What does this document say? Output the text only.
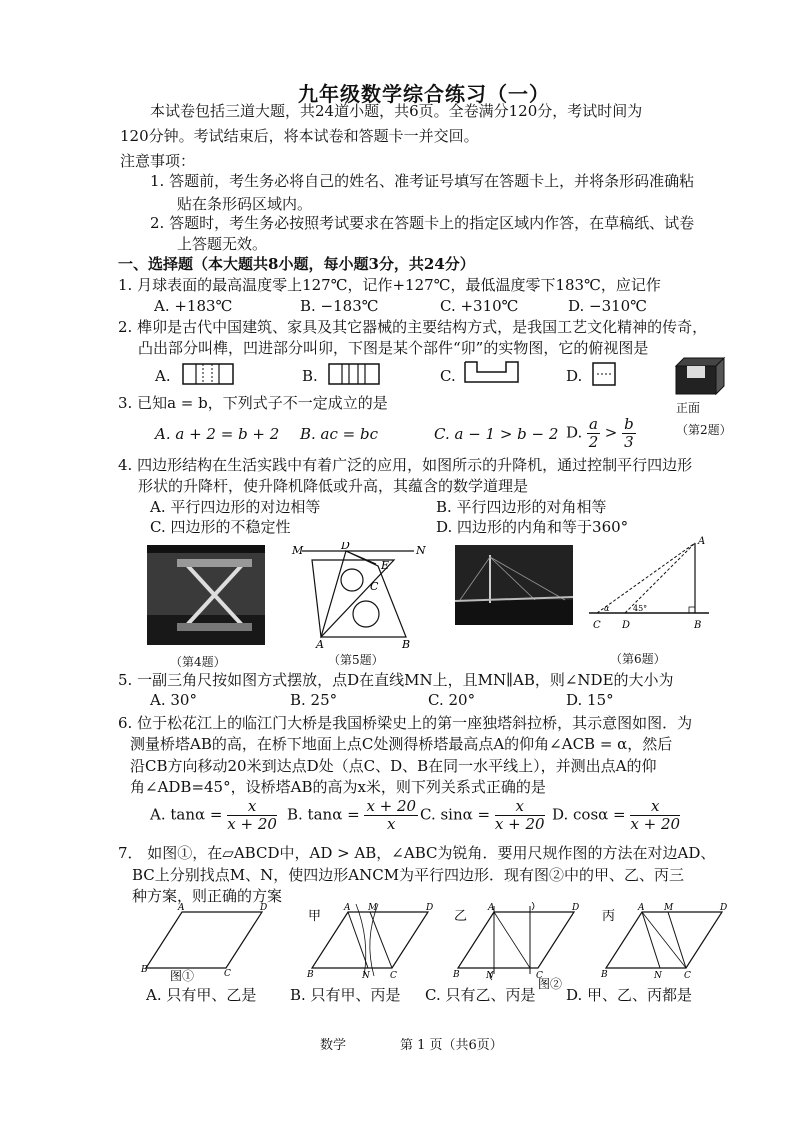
九年级数学综合练习（一）
本试卷包括三道大题，共24道小题，共6页。全卷满分120分，考试时间为
120分钟。考试结束后，将本试卷和答题卡一并交回。
注意事项：
1. 答题前，考生务必将自己的姓名、准考证号填写在答题卡上，并将条形码准确粘
贴在条形码区域内。
2. 答题时，考生务必按照考试要求在答题卡上的指定区域内作答，在草稿纸、试卷
上答题无效。
一、选择题（本大题共8小题，每小题3分，共24分）
1. 月球表面的最高温度零上127℃，记作+127℃，最低温度零下183℃，应记作
A. +183℃	B. −183℃	C. +310℃	D. −310℃
2. 榫卯是古代中国建筑、家具及其它器械的主要结构方式，是我国工艺文化精神的传奇，
凸出部分叫榫，凹进部分叫卯，下图是某个部件“卯”的实物图，它的俯视图是
A.	B.	C.	D.
正面
（第2题）
3. 已知a = b，下列式子不一定成立的是
A. a + 2 = b + 2 B. ac = bc	C. a − 1 > b − 2 D. $\frac{a}{2} > \frac{b}{3}$
4. 四边形结构在生活实践中有着广泛的应用，如图所示的升降机，通过控制平行四边形
形状的升降杆，使升降机降低或升高，其蕴含的数学道理是
A. 平行四边形的对边相等	B. 平行四边形的对角相等
C. 四边形的不稳定性	D. 四边形的内角和等于360°
（第4题）
M	D	N
E
C
A	B
（第5题）
A
C D	B
α	45°
（第6题）
5. 一副三角尺按如图方式摆放，点D在直线MN上，且MN∥AB，则∠NDE的大小为
A. 30°	B. 25°	C. 20°	D. 15°
6. 位于松花江上的临江门大桥是我国桥梁史上的第一座独塔斜拉桥，其示意图如图．为
测量桥塔AB的高，在桥下地面上点C处测得桥塔最高点A的仰角∠ACB = α，然后
沿CB方向移动20米到达点D处（点C、D、B在同一水平线上），并测出点A的仰
角∠ADB=45°，设桥塔AB的高为x米，则下列关系式正确的是
A. $\tan\alpha = \frac{x}{x + 20} B$. $\tan\alpha = \frac{x + 20}{x} C$. $\sin\alpha = \frac{x}{x + 20} D$. $\cos\alpha = \frac{x}{x + 20}$
7． 如图①，在▱ABCD中，AD > AB，∠ABC为锐角．要用尺规作图的方法在对边AD、
BC上分别找点M、N，使四边形ANCM为平行四边形．现有图②中的甲、乙、丙三
种方案，则正确的方案
A	D
B	C
图①
甲
A M	D
B	N C
乙
A	D
B	N	C
图②
丙
A M	D
B	N C
A. 只有甲、乙是 B. 只有甲、丙是 C. 只有乙、丙是 D. 甲、乙、丙都是
数学	第 1 页（共6页）
